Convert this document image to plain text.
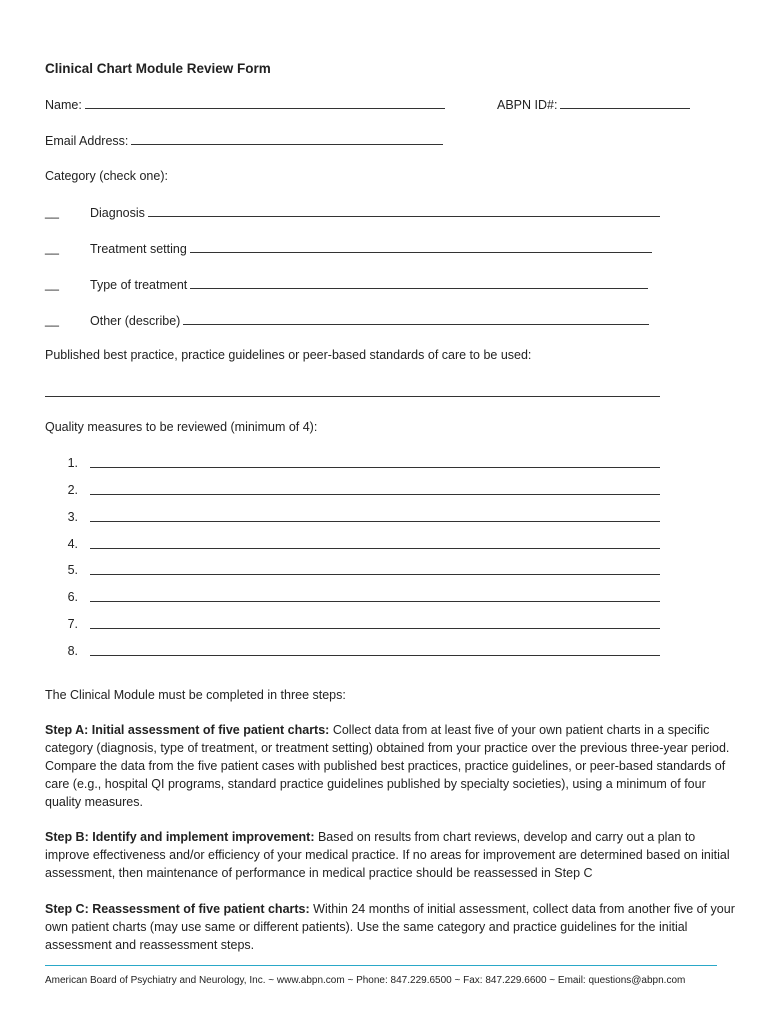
Clinical Chart Module Review Form
Name:	ABPN ID#:
Email Address:
Category (check one):
__ Diagnosis
__ Treatment setting
__ Type of treatment
__ Other (describe)
Published best practice, practice guidelines or peer-based standards of care to be used:
Quality measures to be reviewed (minimum of 4):
1.
2.
3.
4.
5.
6.
7.
8.
The Clinical Module must be completed in three steps:
Step A: Initial assessment of five patient charts: Collect data from at least five of your own patient charts in a specific category (diagnosis, type of treatment, or treatment setting) obtained from your practice over the previous three-year period. Compare the data from the five patient cases with published best practices, practice guidelines, or peer-based standards of care (e.g., hospital QI programs, standard practice guidelines published by specialty societies), using a minimum of four quality measures.
Step B: Identify and implement improvement: Based on results from chart reviews, develop and carry out a plan to improve effectiveness and/or efficiency of your medical practice. If no areas for improvement are determined based on initial assessment, then maintenance of performance in medical practice should be reassessed in Step C
Step C: Reassessment of five patient charts: Within 24 months of initial assessment, collect data from another five of your own patient charts (may use same or different patients). Use the same category and practice guidelines for the initial assessment and reassessment steps.
American Board of Psychiatry and Neurology, Inc. ~ www.abpn.com ~ Phone: 847.229.6500 ~ Fax: 847.229.6600 ~ Email: questions@abpn.com
